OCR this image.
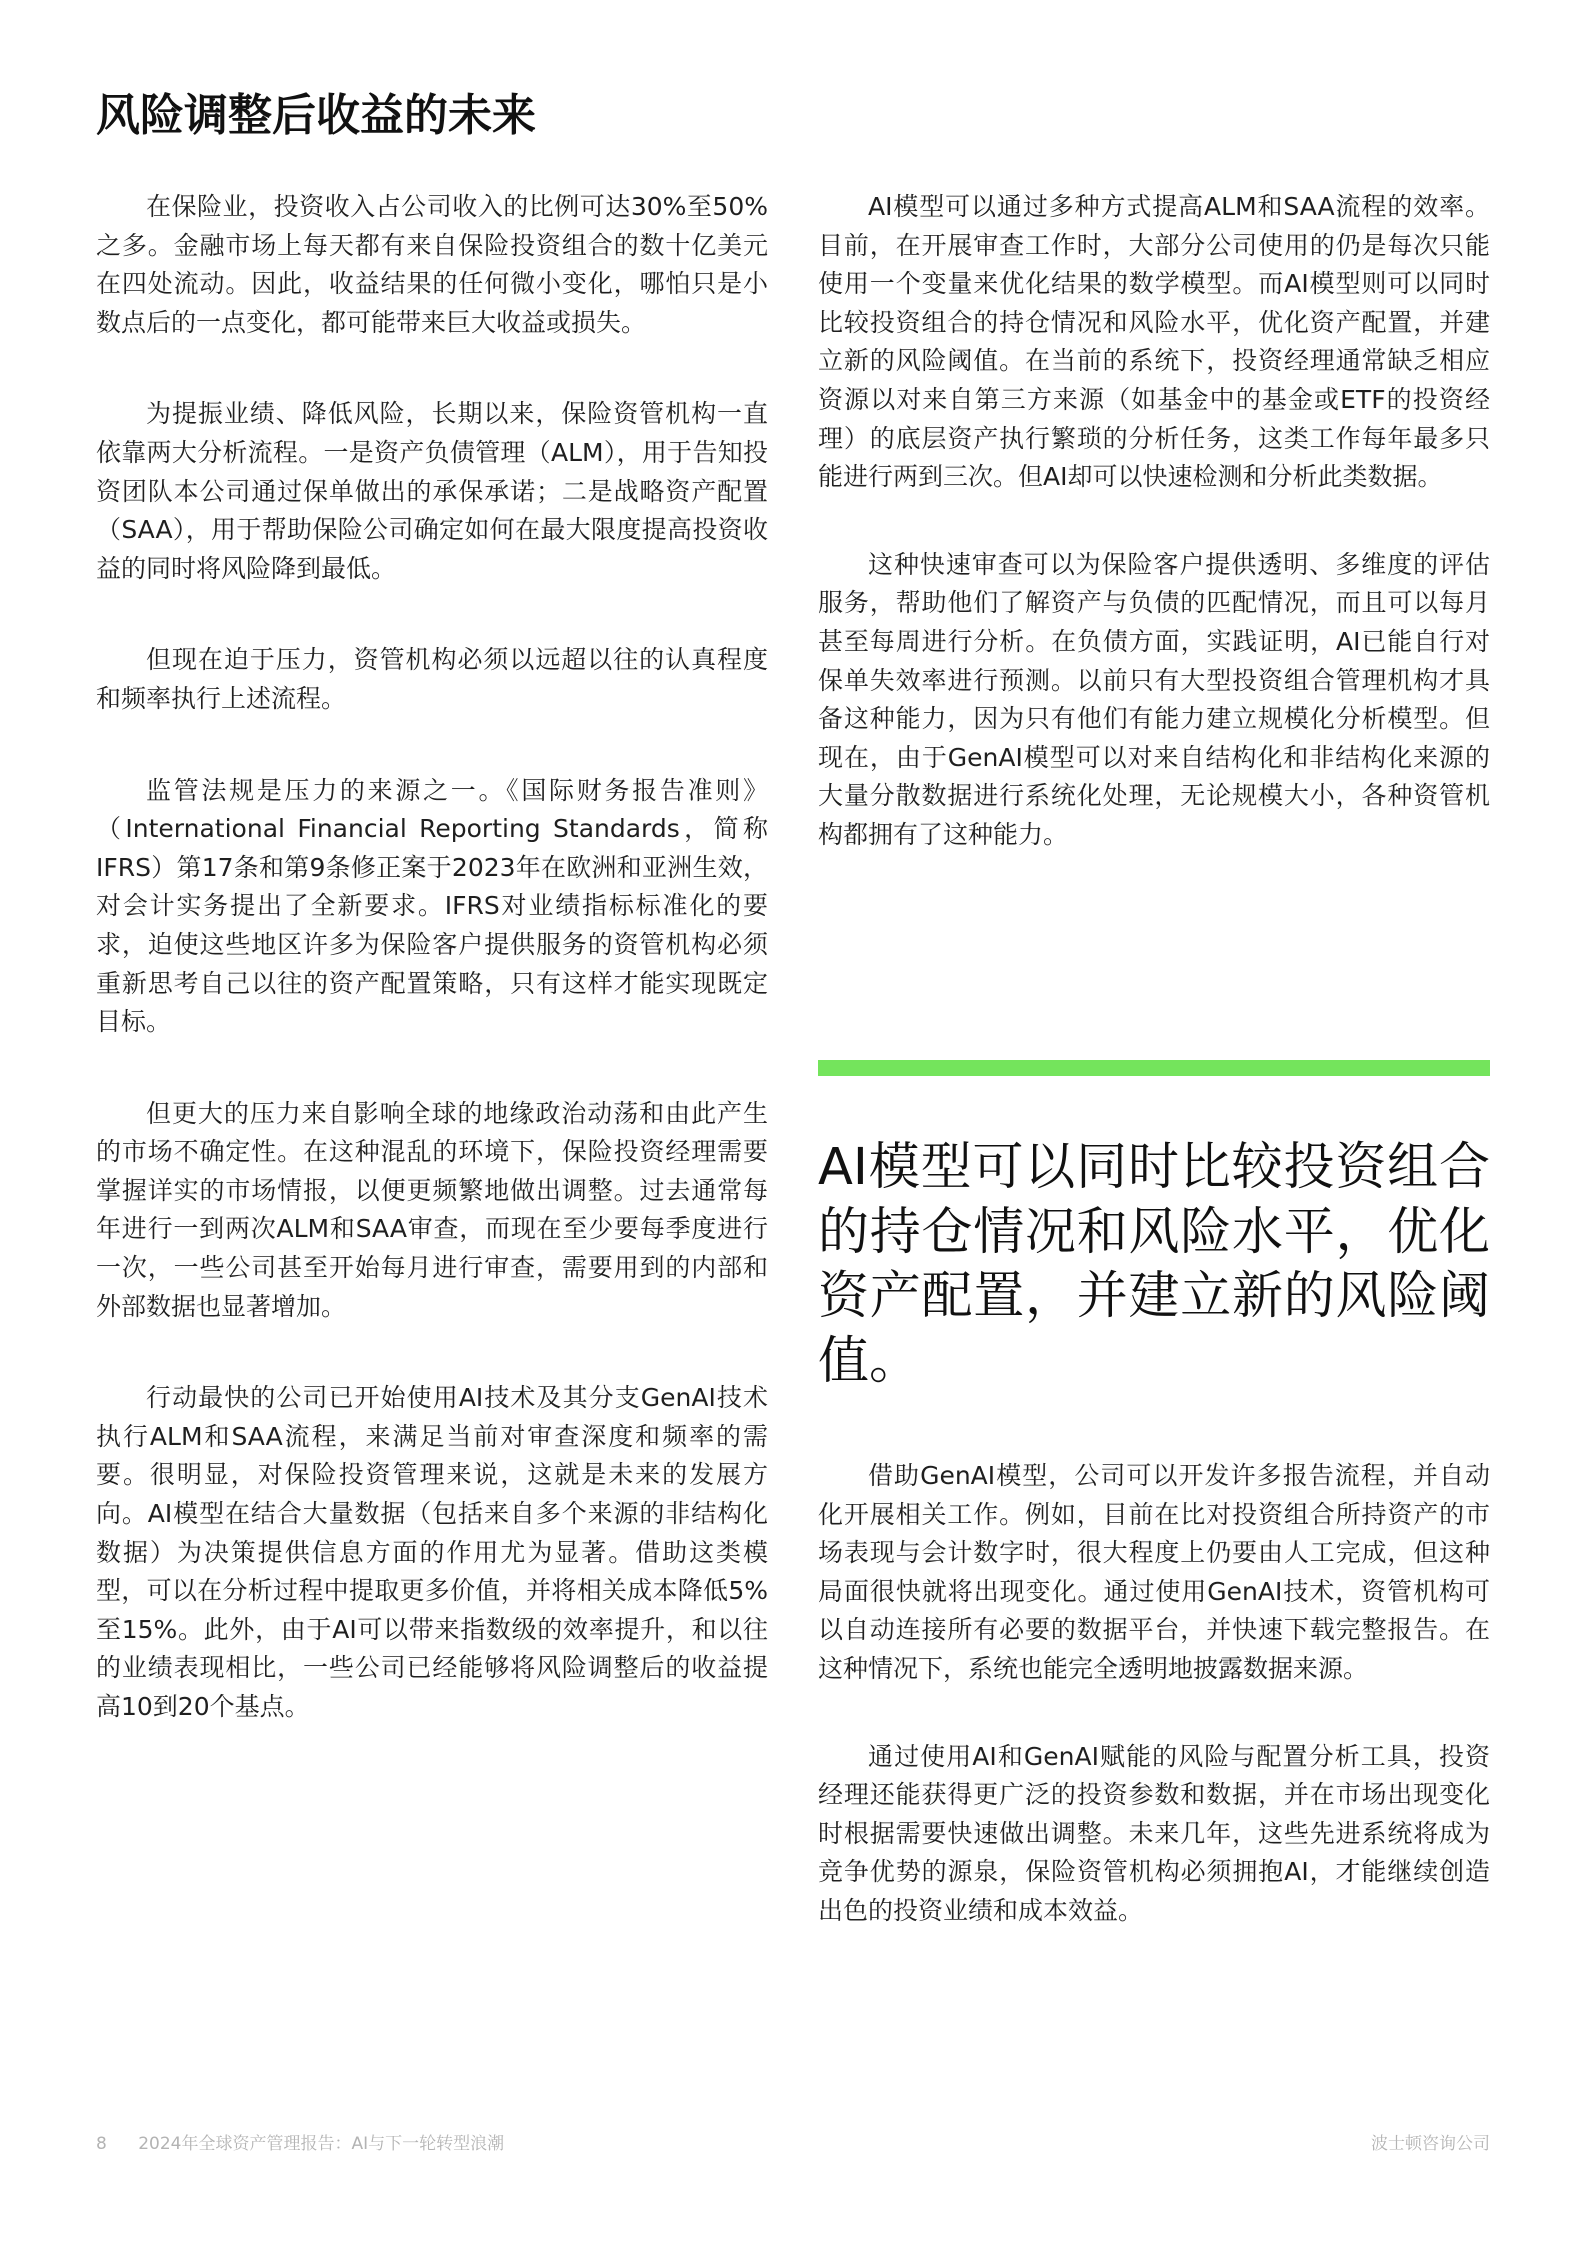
风险调整后收益的未来

在保险业，投资收入占公司收入的比例可达30%至50%之多。金融市场上每天都有来自保险投资组合的数十亿美元在四处流动。因此，收益结果的任何微小变化，哪怕只是小数点后的一点变化，都可能带来巨大收益或损失。

为提振业绩、降低风险，长期以来，保险资管机构一直依靠两大分析流程。一是资产负债管理（ALM），用于告知投资团队本公司通过保单做出的承保承诺；二是战略资产配置（SAA），用于帮助保险公司确定如何在最大限度提高投资收益的同时将风险降到最低。

但现在迫于压力，资管机构必须以远超以往的认真程度和频率执行上述流程。

监管法规是压力的来源之一。《国际财务报告准则》（International Financial Reporting Standards，简称IFRS）第17条和第9条修正案于2023年在欧洲和亚洲生效，对会计实务提出了全新要求。IFRS对业绩指标标准化的要求，迫使这些地区许多为保险客户提供服务的资管机构必须重新思考自己以往的资产配置策略，只有这样才能实现既定目标。

但更大的压力来自影响全球的地缘政治动荡和由此产生的市场不确定性。在这种混乱的环境下，保险投资经理需要掌握详实的市场情报，以便更频繁地做出调整。过去通常每年进行一到两次ALM和SAA审查，而现在至少要每季度进行一次，一些公司甚至开始每月进行审查，需要用到的内部和外部数据也显著增加。

行动最快的公司已开始使用AI技术及其分支GenAI技术执行ALM和SAA流程，来满足当前对审查深度和频率的需要。很明显，对保险投资管理来说，这就是未来的发展方向。AI模型在结合大量数据（包括来自多个来源的非结构化数据）为决策提供信息方面的作用尤为显著。借助这类模型，可以在分析过程中提取更多价值，并将相关成本降低5%至15%。此外，由于AI可以带来指数级的效率提升，和以往的业绩表现相比，一些公司已经能够将风险调整后的收益提高10到20个基点。

AI模型可以通过多种方式提高ALM和SAA流程的效率。目前，在开展审查工作时，大部分公司使用的仍是每次只能使用一个变量来优化结果的数学模型。而AI模型则可以同时比较投资组合的持仓情况和风险水平，优化资产配置，并建立新的风险阈值。在当前的系统下，投资经理通常缺乏相应资源以对来自第三方来源（如基金中的基金或ETF的投资经理）的底层资产执行繁琐的分析任务，这类工作每年最多只能进行两到三次。但AI却可以快速检测和分析此类数据。

这种快速审查可以为保险客户提供透明、多维度的评估服务，帮助他们了解资产与负债的匹配情况，而且可以每月甚至每周进行分析。在负债方面，实践证明，AI已能自行对保单失效率进行预测。以前只有大型投资组合管理机构才具备这种能力，因为只有他们有能力建立规模化分析模型。但现在，由于GenAI模型可以对来自结构化和非结构化来源的大量分散数据进行系统化处理，无论规模大小，各种资管机构都拥有了这种能力。

AI模型可以同时比较投资组合的持仓情况和风险水平，优化资产配置，并建立新的风险阈值。

借助GenAI模型，公司可以开发许多报告流程，并自动化开展相关工作。例如，目前在比对投资组合所持资产的市场表现与会计数字时，很大程度上仍要由人工完成，但这种局面很快就将出现变化。通过使用GenAI技术，资管机构可以自动连接所有必要的数据平台，并快速下载完整报告。在这种情况下，系统也能完全透明地披露数据来源。

通过使用AI和GenAI赋能的风险与配置分析工具，投资经理还能获得更广泛的投资参数和数据，并在市场出现变化时根据需要快速做出调整。未来几年，这些先进系统将成为竞争优势的源泉，保险资管机构必须拥抱AI，才能继续创造出色的投资业绩和成本效益。

8 2024年全球资产管理报告：AI与下一轮转型浪潮	波士顿咨询公司
